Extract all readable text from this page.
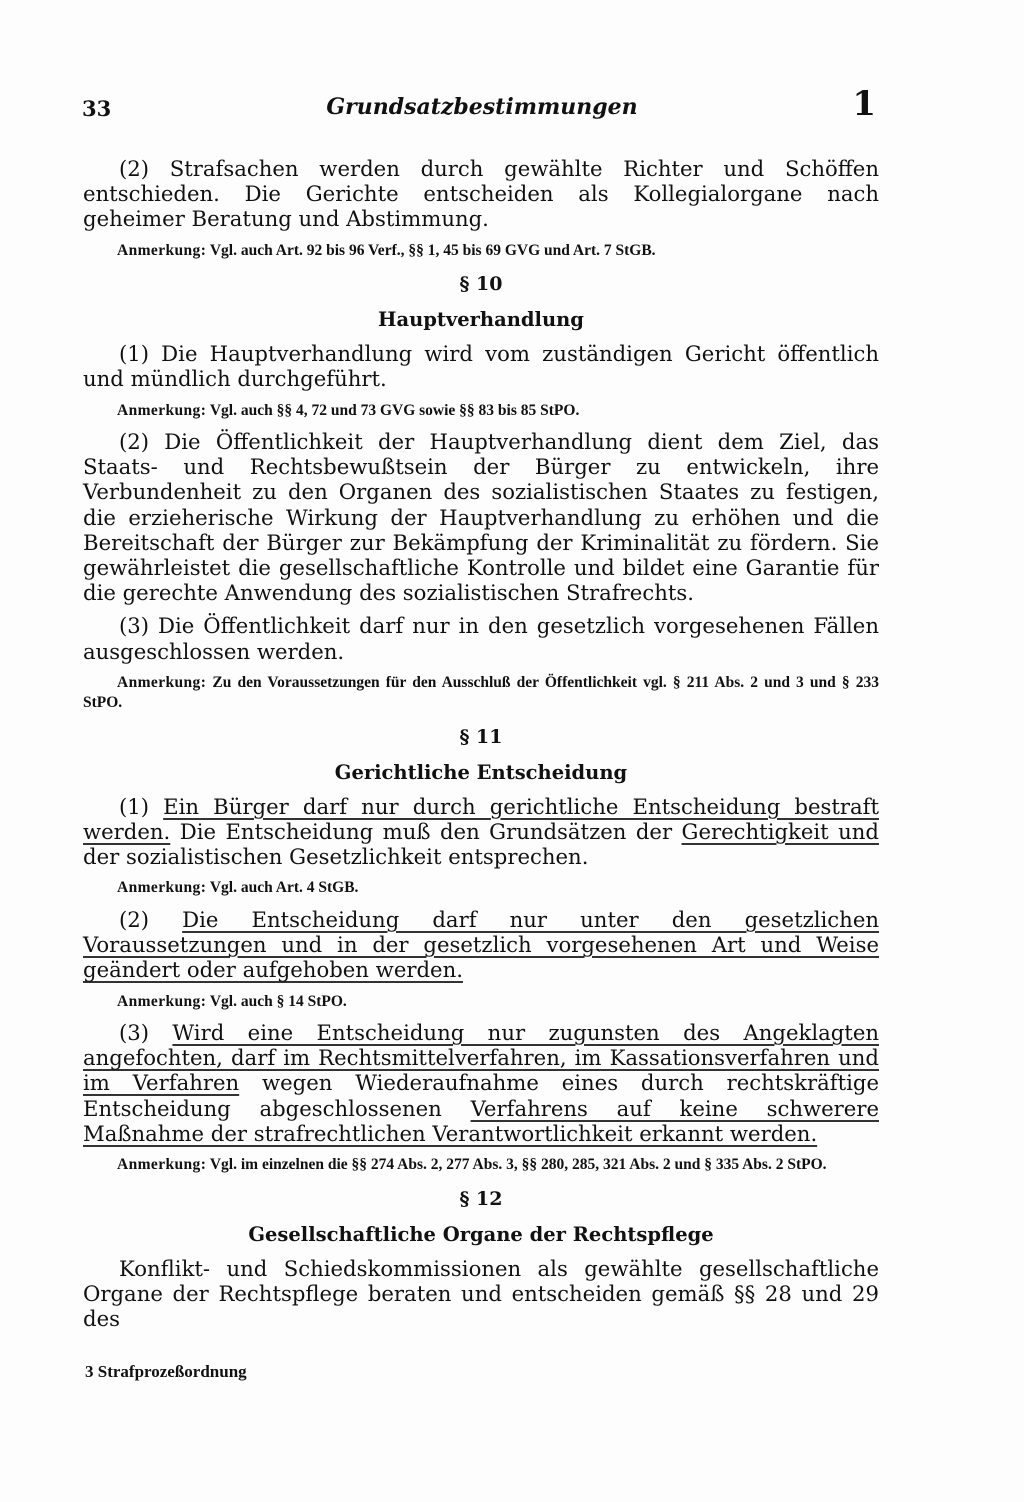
33	Grundsatzbestimmungen	1

(2) Strafsachen werden durch gewählte Richter und Schöffen entschieden. Die Gerichte entscheiden als Kollegialorgane nach geheimer Beratung und Abstimmung.

Anmerkung: Vgl. auch Art. 92 bis 96 Verf., §§ 1, 45 bis 69 GVG und Art. 7 StGB.

§ 10
Hauptverhandlung

(1) Die Hauptverhandlung wird vom zuständigen Gericht öffentlich und mündlich durchgeführt.

Anmerkung: Vgl. auch §§ 4, 72 und 73 GVG sowie §§ 83 bis 85 StPO.

(2) Die Öffentlichkeit der Hauptverhandlung dient dem Ziel, das Staats- und Rechtsbewußtsein der Bürger zu entwickeln, ihre Verbundenheit zu den Organen des sozialistischen Staates zu festigen, die erzieherische Wirkung der Hauptverhandlung zu erhöhen und die Bereitschaft der Bürger zur Bekämpfung der Kriminalität zu fördern. Sie gewährleistet die gesellschaftliche Kontrolle und bildet eine Garantie für die gerechte Anwendung des sozialistischen Strafrechts.

(3) Die Öffentlichkeit darf nur in den gesetzlich vorgesehenen Fällen ausgeschlossen werden.

Anmerkung: Zu den Voraussetzungen für den Ausschluß der Öffentlichkeit vgl. § 211 Abs. 2 und 3 und § 233 StPO.

§ 11
Gerichtliche Entscheidung

(1) Ein Bürger darf nur durch gerichtliche Entscheidung bestraft werden. Die Entscheidung muß den Grundsätzen der Gerechtigkeit und der sozialistischen Gesetzlichkeit entsprechen.

Anmerkung: Vgl. auch Art. 4 StGB.

(2) Die Entscheidung darf nur unter den gesetzlichen Voraussetzungen und in der gesetzlich vorgesehenen Art und Weise geändert oder aufgehoben werden.

Anmerkung: Vgl. auch § 14 StPO.

(3) Wird eine Entscheidung nur zugunsten des Angeklagten angefochten, darf im Rechtsmittelverfahren, im Kassationsverfahren und im Verfahren wegen Wiederaufnahme eines durch rechtskräftige Entscheidung abgeschlossenen Verfahrens auf keine schwerere Maßnahme der strafrechtlichen Verantwortlichkeit erkannt werden.

Anmerkung: Vgl. im einzelnen die §§ 274 Abs. 2, 277 Abs. 3, §§ 280, 285, 321 Abs. 2 und § 335 Abs. 2 StPO.

§ 12
Gesellschaftliche Organe der Rechtspflege

Konflikt- und Schiedskommissionen als gewählte gesellschaftliche Organe der Rechtspflege beraten und entscheiden gemäß §§ 28 und 29 des

3 Strafprozeßordnung
